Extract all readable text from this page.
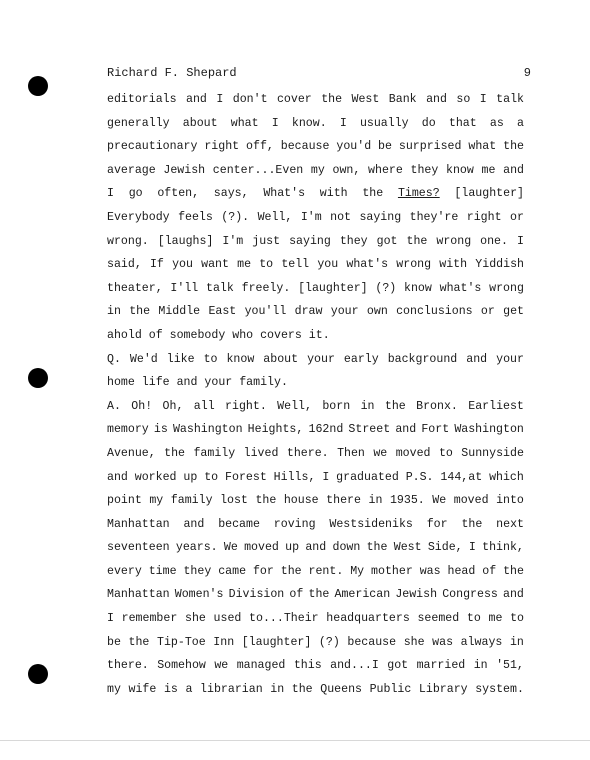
Richard F. Shepard	9
editorials and I don't cover the West Bank and so I talk
generally about what I know. I usually do that as a
precautionary right off, because you'd be surprised what the
average Jewish center...Even my own, where they know me and
I go often, says, What's with the Times? [laughter]
Everybody feels (?). Well, I'm not saying they're right or
wrong. [laughs] I'm just saying they got the wrong one. I
said, If you want me to tell you what's wrong with Yiddish
theater, I'll talk freely. [laughter] (?) know what's wrong
in the Middle East you'll draw your own conclusions or get
ahold of somebody who covers it.
Q. We'd like to know about your early background and your
home life and your family.
A. Oh! Oh, all right. Well, born in the Bronx. Earliest
memory is Washington Heights, 162nd Street and Fort Washington
Avenue, the family lived there. Then we moved to Sunnyside
and worked up to Forest Hills, I graduated P.S. 144,at which
point my family lost the house there in 1935. We moved into
Manhattan and became roving Westsideniks for the next
seventeen years. We moved up and down the West Side, I think,
every time they came for the rent. My mother was head of the
Manhattan Women's Division of the American Jewish Congress and
I remember she used to...Their headquarters seemed to me to
be the Tip-Toe Inn [laughter] (?) because she was always in
there. Somehow we managed this and...I got married in '51,
my wife is a librarian in the Queens Public Library system.
